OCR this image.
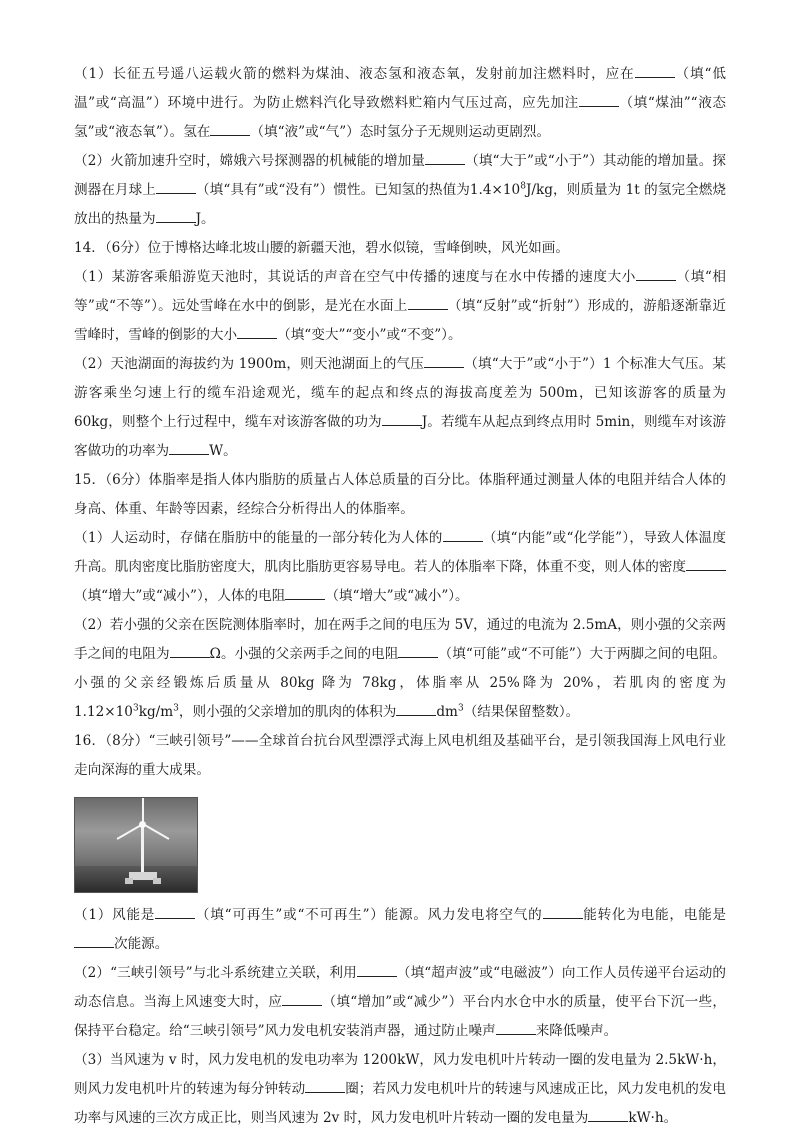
（1）长征五号遥八运载火箭的燃料为煤油、液态氢和液态氧，发射前加注燃料时，应在	（填“低温”或“高温”）环境中进行。为防止燃料汽化导致燃料贮箱内气压过高，应先加注	（填“煤油”“液态氢”或“液态氧”）。氢在	（填“液”或“气”）态时氢分子无规则运动更剧烈。

（2）火箭加速升空时，嫦娥六号探测器的机械能的增加量	（填“大于”或“小于”）其动能的增加量。探测器在月球上	（填“具有”或“没有”）惯性。已知氢的热值为$1.4\times 10^8J/kg$，则质量为 1t 的氢完全燃烧放出的热量为	J。

14．（6分）位于博格达峰北坡山腰的新疆天池，碧水似镜，雪峰倒映，风光如画。

（1）某游客乘船游览天池时，其说话的声音在空气中传播的速度与在水中传播的速度大小	（填“相等”或“不等”）。远处雪峰在水中的倒影，是光在水面上	（填“反射”或“折射”）形成的，游船逐渐靠近雪峰时，雪峰的倒影的大小	（填“变大”“变小”或“不变”）。

（2）天池湖面的海拔约为 1900m，则天池湖面上的气压	（填“大于”或“小于”）1 个标准大气压。某游客乘坐匀速上行的缆车沿途观光，缆车的起点和终点的海拔高度差为 500m，已知该游客的质量为 60kg，则整个上行过程中，缆车对该游客做的功为	J。若缆车从起点到终点用时 5min，则缆车对该游客做功的功率为	W。

15．（6分）体脂率是指人体内脂肪的质量占人体总质量的百分比。体脂秤通过测量人体的电阻并结合人体的身高、体重、年龄等因素，经综合分析得出人的体脂率。

（1）人运动时，存储在脂肪中的能量的一部分转化为人体的	（填“内能”或“化学能”），导致人体温度升高。肌肉密度比脂肪密度大，肌肉比脂肪更容易导电。若人的体脂率下降，体重不变，则人体的密度（填“增大”或“减小”），人体的电阻	（填“增大”或“减小”）。

（2）若小强的父亲在医院测体脂率时，加在两手之间的电压为 5V，通过的电流为 2.5mA，则小强的父亲两手之间的电阻为	Ω。小强的父亲两手之间的电阻	（填“可能”或“不可能”）大于两脚之间的电阻。小强的父亲经锻炼后质量从 80kg 降为 78kg，体脂率从 25%降为 20%，若肌肉的密度为$1.12\times 10^3kg/m^3$，则小强的父亲增加的肌肉的体积为	$dm^3$（结果保留整数）。

16．（8分）“三峡引领号”——全球首台抗台风型漂浮式海上风电机组及基础平台，是引领我国海上风电行业走向深海的重大成果。

（1）风能是	（填“可再生”或“不可再生”）能源。风力发电将空气的	能转化为电能，电能是次能源。

（2）“三峡引领号”与北斗系统建立关联，利用	（填“超声波”或“电磁波”）向工作人员传递平台运动的动态信息。当海上风速变大时，应	（填“增加”或“减少”）平台内水仓中水的质量，使平台下沉一些，保持平台稳定。给“三峡引领号”风力发电机安装消声器，通过防止噪声	来降低噪声。

（3）当风速为 v 时，风力发电机的发电功率为 1200kW，风力发电机叶片转动一圈的发电量为 2.5kW·h，则风力发电机叶片的转速为每分钟转动	圈；若风力发电机叶片的转速与风速成正比，风力发电机的发电功率与风速的三次方成正比，则当风速为 2v 时，风力发电机叶片转动一圈的发电量为	kW·h。
